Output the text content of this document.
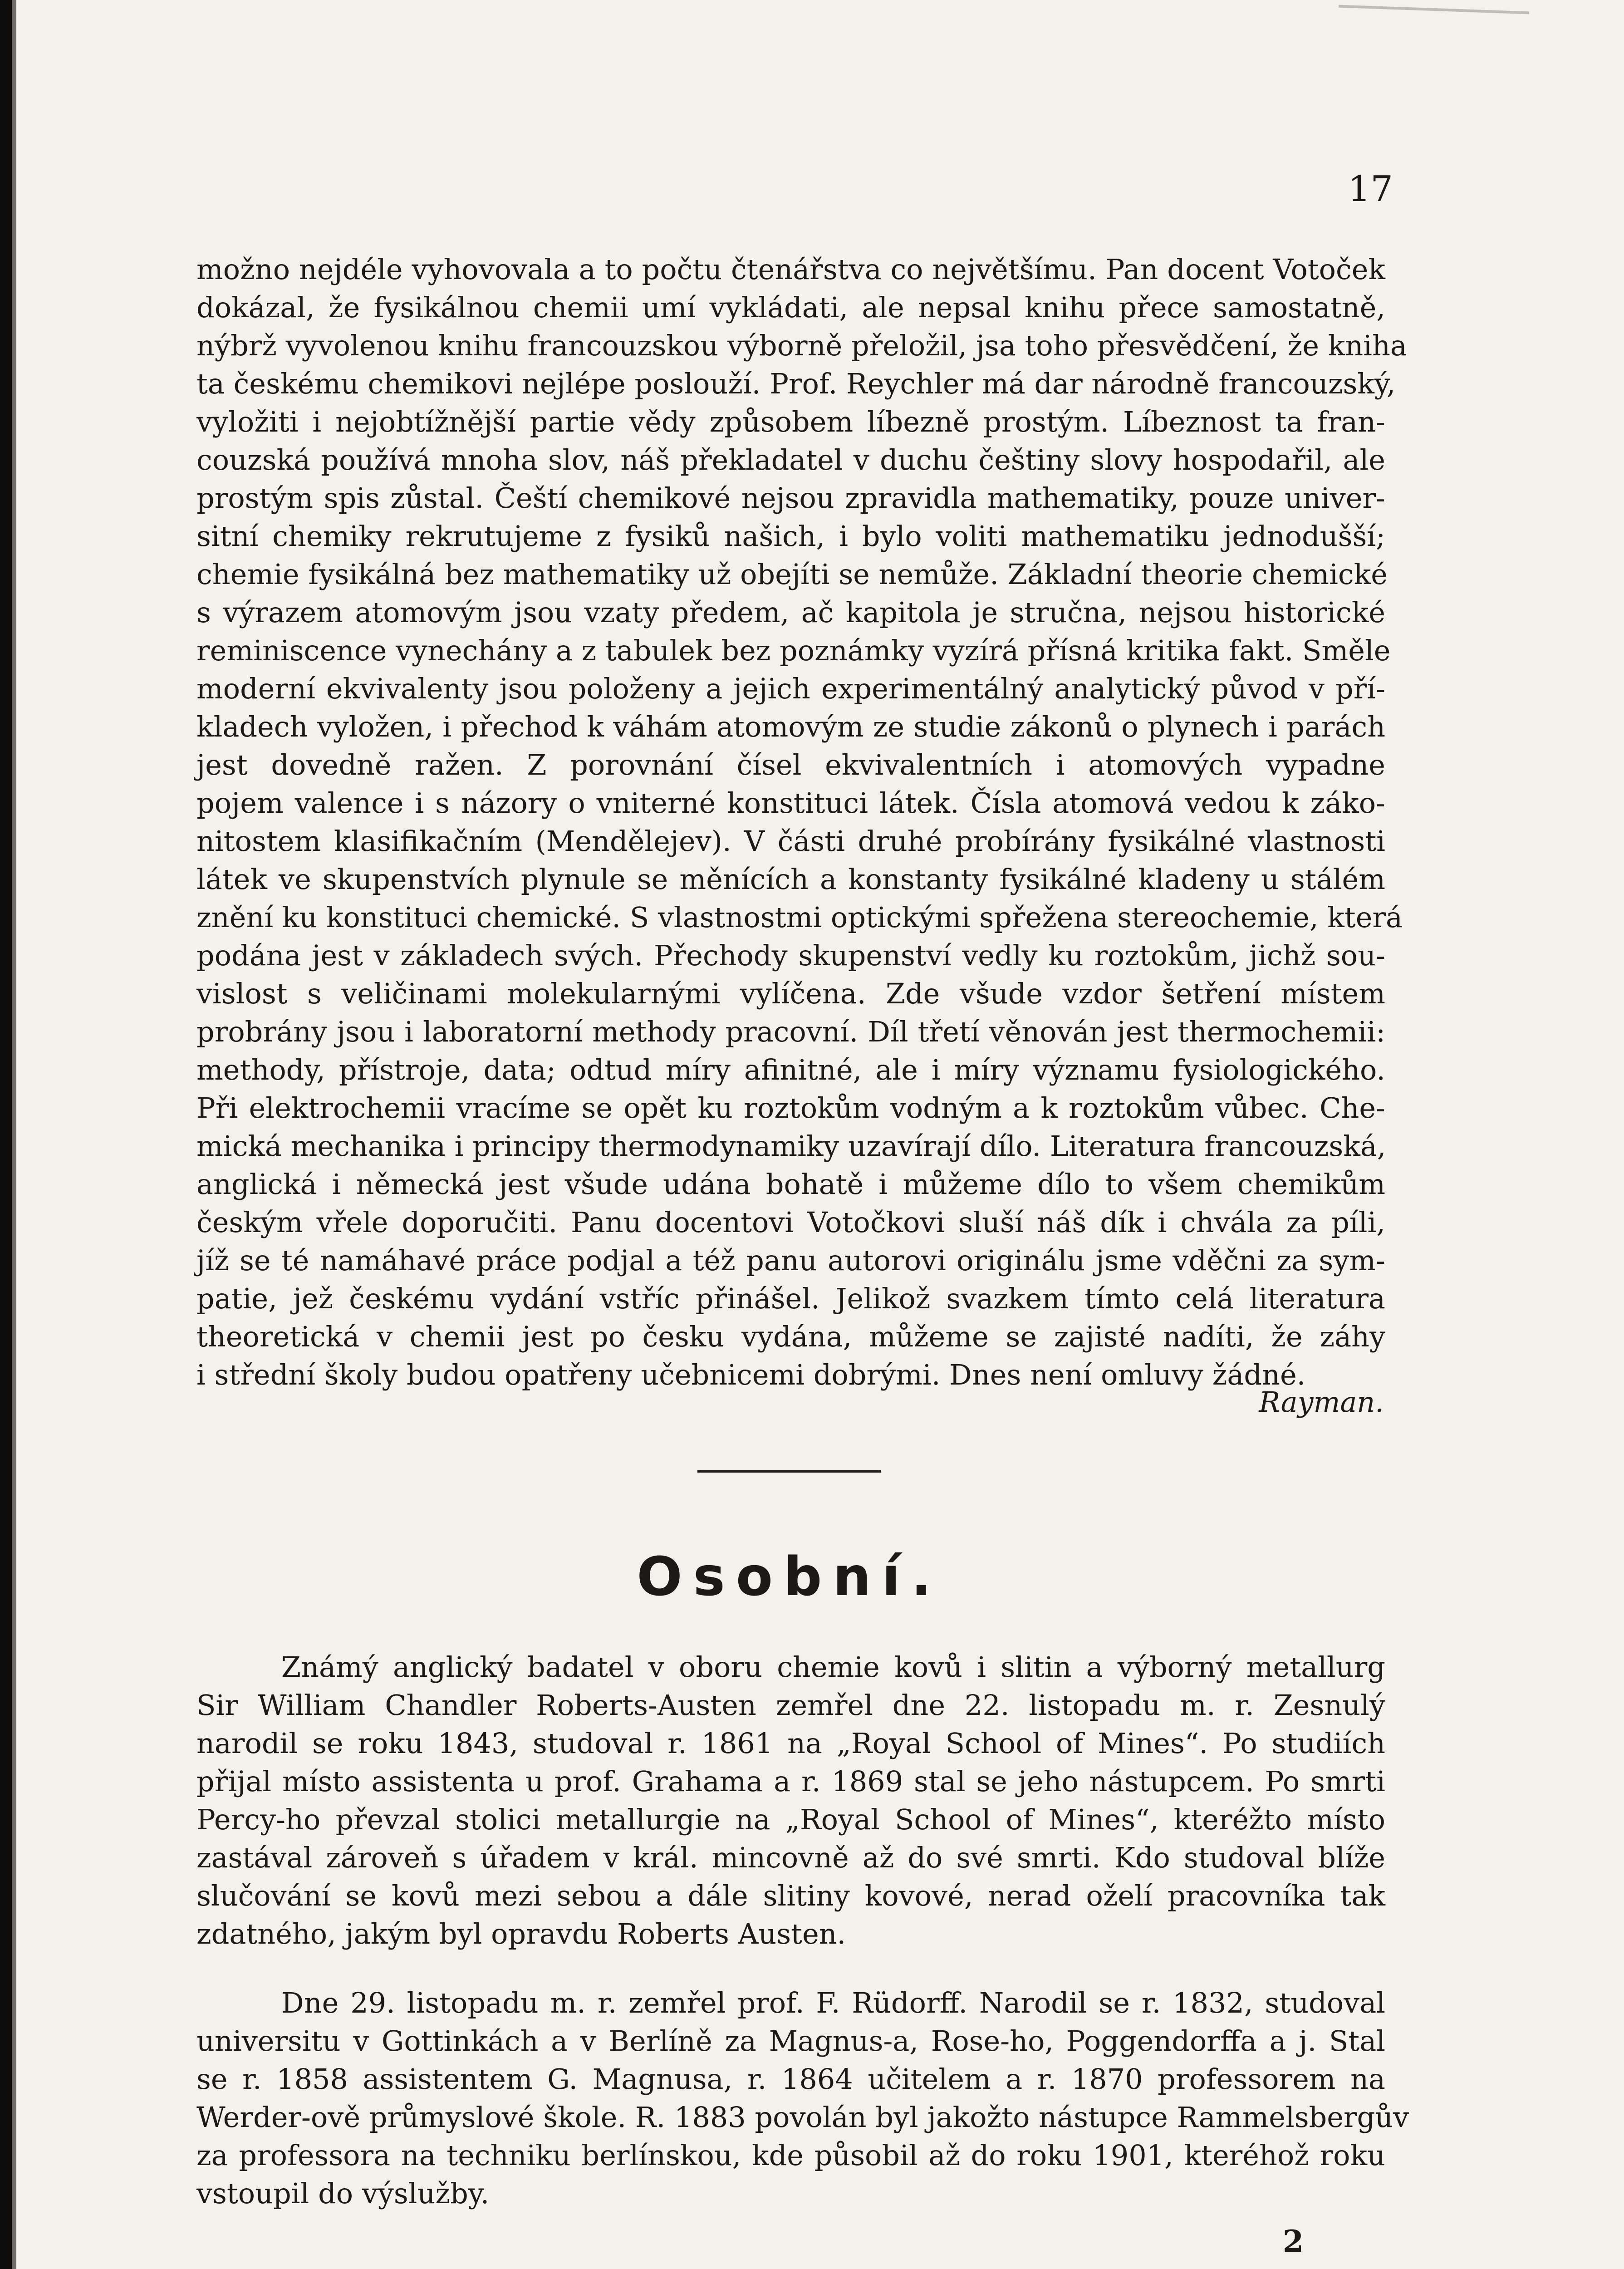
17
možno nejdéle vyhovovala a to počtu čtenářstva co největšímu. Pan docent Votoček
dokázal, že fysikálnou chemii umí vykládati, ale nepsal knihu přece samostatně,
nýbrž vyvolenou knihu francouzskou výborně přeložil, jsa toho přesvědčení, že kniha
ta českému chemikovi nejlépe poslouží. Prof. Reychler má dar národně francouzský,
vyložiti i nejobtížnější partie vědy způsobem líbezně prostým. Líbeznost ta fran-
couzská používá mnoha slov, náš překladatel v duchu češtiny slovy hospodařil, ale
prostým spis zůstal. Čeští chemikové nejsou zpravidla mathematiky, pouze univer-
sitní chemiky rekrutujeme z fysiků našich, i bylo voliti mathematiku jednodušší;
chemie fysikálná bez mathematiky už obejíti se nemůže. Základní theorie chemické
s výrazem atomovým jsou vzaty předem, ač kapitola je stručna, nejsou historické
reminiscence vynechány a z tabulek bez poznámky vyzírá přísná kritika fakt. Směle
moderní ekvivalenty jsou položeny a jejich experimentálný analytický původ v pří-
kladech vyložen, i přechod k váhám atomovým ze studie zákonů o plynech i parách
jest dovedně ražen. Z porovnání čísel ekvivalentních i atomových vypadne
pojem valence i s názory o vniterné konstituci látek. Čísla atomová vedou k záko-
nitostem klasifikačním (Mendělejev). V části druhé probírány fysikálné vlastnosti
látek ve skupenstvích plynule se měnících a konstanty fysikálné kladeny u stálém
znění ku konstituci chemické. S vlastnostmi optickými spřežena stereochemie, která
podána jest v základech svých. Přechody skupenství vedly ku roztokům, jichž sou-
vislost s veličinami molekularnými vylíčena. Zde všude vzdor šetření místem
probrány jsou i laboratorní methody pracovní. Díl třetí věnován jest thermochemii:
methody, přístroje, data; odtud míry afinitné, ale i míry významu fysiologického.
Při elektrochemii vracíme se opět ku roztokům vodným a k roztokům vůbec. Che-
mická mechanika i principy thermodynamiky uzavírají dílo. Literatura francouzská,
anglická i německá jest všude udána bohatě i můžeme dílo to všem chemikům
českým vřele doporučiti. Panu docentovi Votočkovi sluší náš dík i chvála za píli,
jíž se té namáhavé práce podjal a též panu autorovi originálu jsme vděčni za sym-
patie, jež českému vydání vstříc přinášel. Jelikož svazkem tímto celá literatura
theoretická v chemii jest po česku vydána, můžeme se zajisté nadíti, že záhy
i střední školy budou opatřeny učebnicemi dobrými. Dnes není omluvy žádné.
Rayman.
Osobní.
Známý anglický badatel v oboru chemie kovů i slitin a výborný metallurg
Sir William Chandler Roberts-Austen zemřel dne 22. listopadu m. r. Zesnulý
narodil se roku 1843, studoval r. 1861 na „Royal School of Mines“. Po studiích
přijal místo assistenta u prof. Grahama a r. 1869 stal se jeho nástupcem. Po smrti
Percy-ho převzal stolici metallurgie na „Royal School of Mines“, kteréžto místo
zastával zároveň s úřadem v král. mincovně až do své smrti. Kdo studoval blíže
slučování se kovů mezi sebou a dále slitiny kovové, nerad oželí pracovníka tak
zdatného, jakým byl opravdu Roberts Austen.
Dne 29. listopadu m. r. zemřel prof. F. Rüdorff. Narodil se r. 1832, studoval
universitu v Gottinkách a v Berlíně za Magnus-a, Rose-ho, Poggendorffa a j. Stal
se r. 1858 assistentem G. Magnusa, r. 1864 učitelem a r. 1870 professorem na
Werder-ově průmyslové škole. R. 1883 povolán byl jakožto nástupce Rammelsbergův
za professora na techniku berlínskou, kde působil až do roku 1901, kteréhož roku
vstoupil do výslužby.
2
